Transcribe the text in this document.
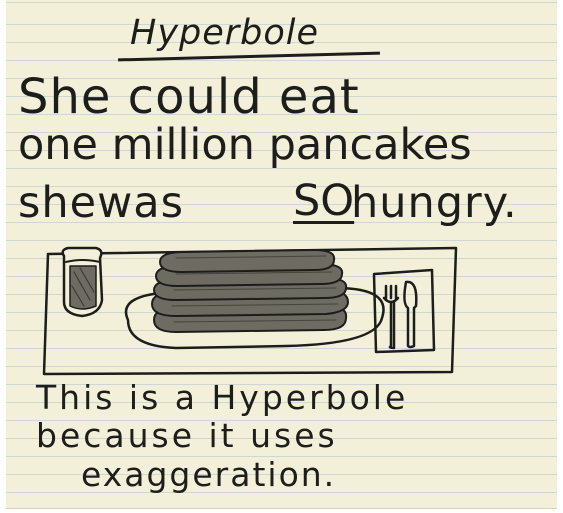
Hyperbole
She could eat
one million pancakes
shewas	SO
hungry.
This is a Hyperbole
because it uses
exaggeration.
